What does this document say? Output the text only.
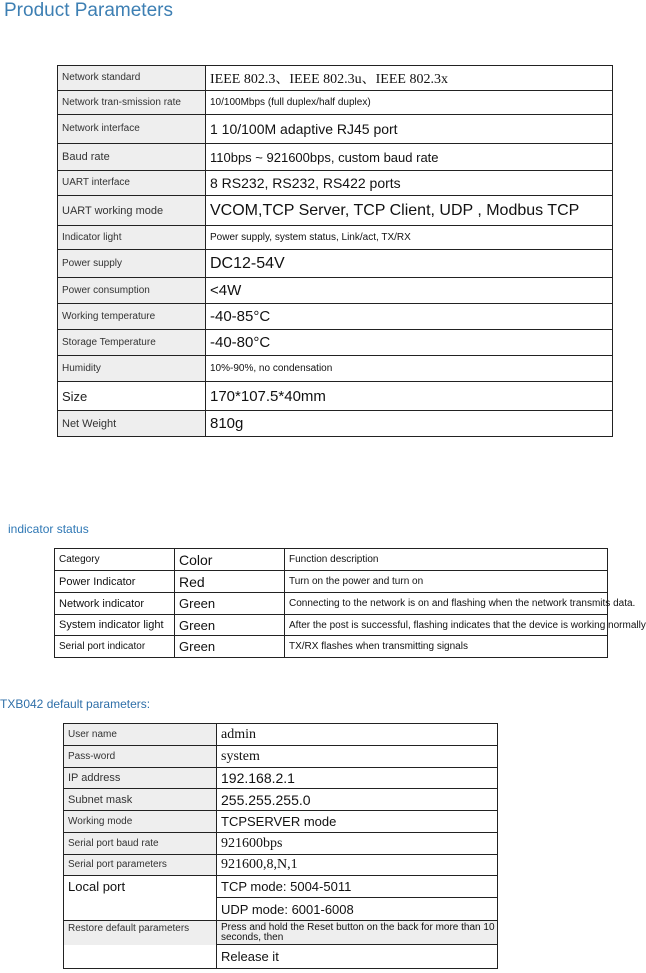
Product Parameters
Network standard	IEEE 802.3、IEEE 802.3u、IEEE 802.3x
Network tran-smission rate	10/100Mbps (full duplex/half duplex)
Network interface	1 10/100M adaptive RJ45 port
Baud rate	110bps ~ 921600bps, custom baud rate
UART interface	8 RS232, RS232, RS422 ports
UART working mode	VCOM,TCP Server, TCP Client, UDP , Modbus TCP
Indicator light	Power supply, system status, Link/act, TX/RX
Power supply	DC12-54V
Power consumption	<4W
Working temperature	-40-85°C
Storage Temperature	-40-80°C
Humidity	10%-90%, no condensation
Size	170*107.5*40mm
Net Weight	810g
indicator status
Category	Color	Function description
Power Indicator	Red	Turn on the power and turn on
Network indicator	Green	Connecting to the network is on and flashing when the network transmits data.
System indicator light	Green	After the post is successful, flashing indicates that the device is working normally
Serial port indicator	Green	TX/RX flashes when transmitting signals
TXB042 default parameters:
User name	admin
Pass-word	system
IP address	192.168.2.1
Subnet mask	255.255.255.0
Working mode	TCPSERVER mode
Serial port baud rate	921600bps
Serial port parameters	921600,8,N,1
Local port	TCP mode: 5004-5011
	UDP mode: 6001-6008
Restore default parameters	Press and hold the Reset button on the back for more than 10 seconds, then
	Release it
